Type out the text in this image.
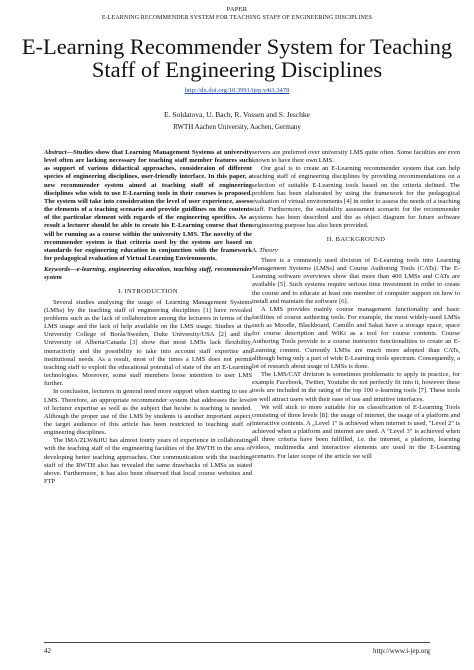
PAPER
E-LEARNING RECOMMENDER SYSTEM FOR TEACHING STAFF OF ENGINEERING DISCIPLINES
E-Learning Recommender System for Teaching Staff of Engineering Disciplines
http://dx.doi.org/10.3991/ijep.v4i3.3478
E. Soldatova, U. Bach, R. Vossen and S. Jeschke
RWTH Aachen University, Aachen, Germany

Abstract—Studies show that Learning Management Systems at university level often are lacking necessary for teaching staff member features such as support of various didactical approaches, consideraion of different species of engineering disciplines, user-friendly interface. In this paper, a new recommender system aimed at teaching staff of engineering disciplines who wish to use E-Learning tools in their courses is proposed. The system will take into consideration the level of user experience, assess the elements of a teaching scenario and provide guidlines on the contents of the particular element with regards of the engineering specifics. As a result a lecturer should be able to create his E-Learning course that then will be running as a course within the university LMS. The novelty of the recommender system is that criteria used by the system are based on standards for engineering education in conjunction with the framework for pedagogical evaluation of Virtual Learning Environments.

Keywords—e-learning, engineering education, teaching staff, recommender system

I. INTRODUCTION

Several studies analysing the usage of Learning Management Systems (LMSs) by the teaching staff of engineering disciplines [1] have revealed problems such as the lack of collaboration among the lecturers in terms of the LMS usage and the lack of help available on the LMS usage. Studies at the University College of Borås/Sweden, Duke University/USA [2] and the University of Alberta/Canada [3] show that most LMSs lack flexibility, interactivity and the possibility to take into account staff expertise and institutional needs. As a result, most of the times a LMS does not permit teaching staff to exploit the educational potential of state of the art E-Learning technologies. Moreover, some staff members loose intention to user LMS further.

In conclusion, lecturers in general need more support when starting to use a LMS. Therefore, an appropriate recommender system that addresses the level of lecturer expertise as well as the subject that he/she is teaching is needed. Although the proper use of the LMS by students is another important aspect, the target audience of this article has been restricted to teaching staff of engineering disciplines.

The IMA/ZLW&IfU has almost fourty years of experience in collaborating with the teaching staff of the engineering faculties of the RWTH in the area of developing better teaching approaches. Our communication with the teaching staff of the RWTH also has revealed the same drawbacks of LMSs as stated above. Furthermore, it has also been observed that local course websites and FTP

servers are preferred over university LMS quite often. Some faculties are even known to have their own LMS.

Our goal is to create an E-Learning recommender system that can help teaching staff of engineering disciplines by providing recommendations on a selection of suitable E-Learning tools based on the criteria defined. The problem has been elaborated by using the framework for the pedagogical evaluation of virtual environments [4] in order to assess the needs of a teaching staff. Furthermore, the suitability assessment scenario for the recommender systems has been described and the as object diagram for future software engineering purpose has also been provided.

II. BACKGROUND

A. Theory

There is a commonly used division of E-Learning tools into Learning Management Systems (LMSs) and Course Authoring Tools (CATs). The E-Learning software overviews show that more than 400 LMSs and CATs are available [5]. Such systems require serious time investment in order to create the course and to educate at least one member of computer support on how to install and maintain the software [6].

A LMS provides mainly course management functionality and basic facilities of course authoring tools. For example, the most widely-used LMSs such as Moodle, Blackboard, Camillo and Sakai have a storage space, space for course description and WiKi as a tool for course contents. Course Authoring Tools provide to a course instructor functionalities to create an E-Learning content. Currently LMSs are much more adopted than CATs, although being only a part of wide E-Learning tools spectrum. Consequently, a lot of research about usage of LMSs is done.

The LMS/CAT division is sometimes problematic to apply in practice, for example Facebook, Twitter, Youtube do not perfectly fit into it, however these tools are included in the rating of the top 100 e-learning tools [7]. These tools as well attract users with their ease of use and intuitive interfaces.

We will stick to more suitable for us classification of E-Learning Tools consisting of three levels [8]: the usage of internet, the usage of a platform and interactive contents. A „Level 1" is achieved when internet is used, "Level 2" is achieved when a platform and internet are used. A "Level 3" is achieved when all three criteria have been fulfilled, i.e. the internet, a platform, learning videos, multimedia and interactive elements are used in the E-Learning scenario. For later scope of the article we will

42	http://www.i-jep.org
